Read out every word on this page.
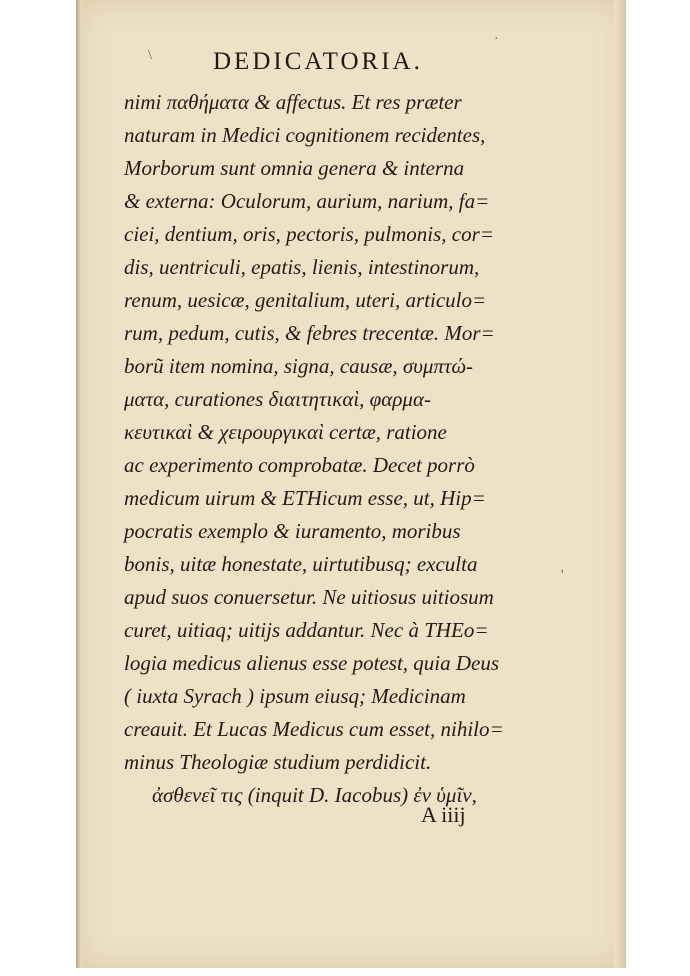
DEDICATORIA.
nimi παθήματα & affectus. Et res præter
naturam in Medici cognitionem recidentes,
Morborum sunt omnia genera & interna
& externa: Oculorum, aurium, narium, fa=
ciei, dentium, oris, pectoris, pulmonis, cor=
dis, uentriculi, epatis, lienis, intestinorum,
renum, uesicæ, genitalium, uteri, articulo=
rum, pedum, cutis, & febres trecentæ. Mor=
borũ item nomina, signa, causæ, συμπτώ-
ματα, curationes διαιτητικαὶ, φαρμα-
κευτικαὶ & χειρουργικαὶ certæ, ratione
ac experimento comprobatæ. Decet porrò
medicum uirum & ETHicum esse, ut, Hip=
pocratis exemplo & iuramento, moribus
bonis, uitæ honestate, uirtutibusq; exculta
apud suos conuersetur. Ne uitiosus uitiosum
curet, uitiaq; uitijs addantur. Nec à THEo=
logia medicus alienus esse potest, quia Deus
( iuxta Syrach ) ipsum eiusq; Medicinam
creauit. Et Lucas Medicus cum esset, nihilo=
minus Theologiæ studium perdidicit.
ἀσθενεῖ τις (inquit D. Iacobus) ἐν ὑμῖν,
A iiij
\
·
'
